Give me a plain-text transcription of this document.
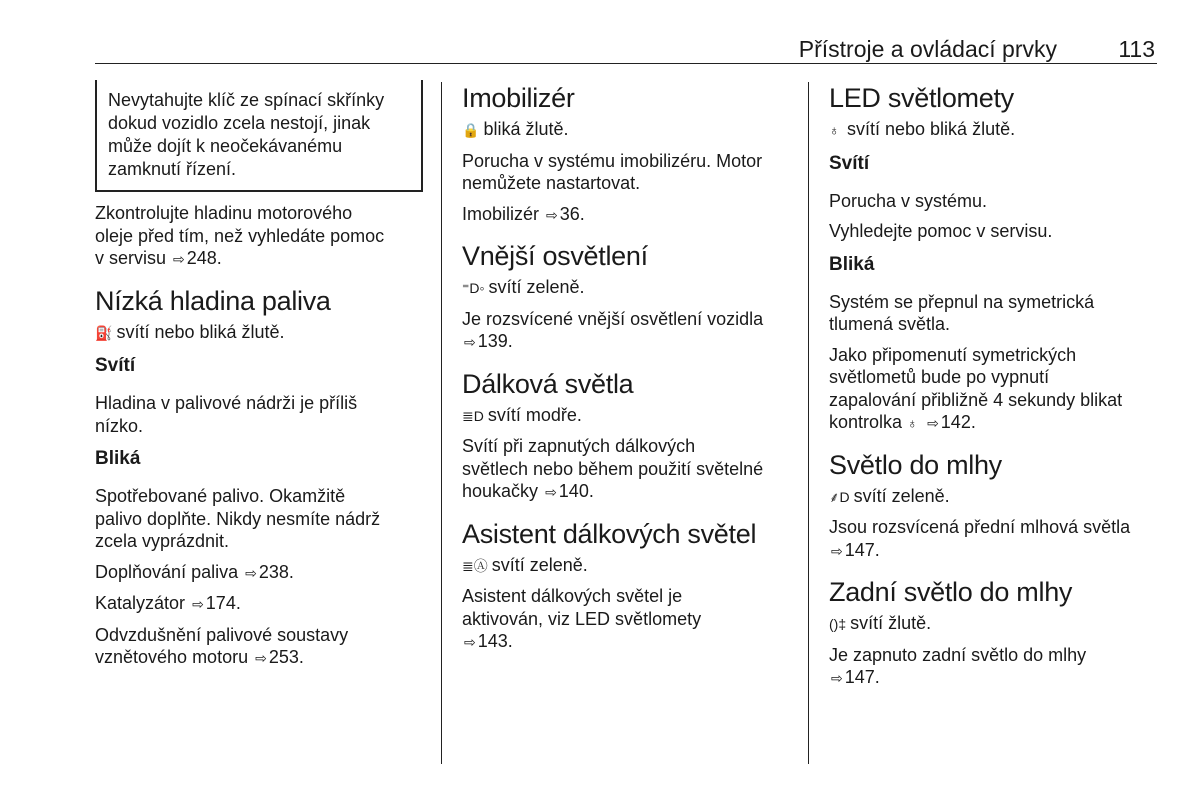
Přístroje a ovládací prvky	113
Nevytahujte klíč ze spínací skřínky
dokud vozidlo zcela nestojí, jinak
může dojít k neočekávanému
zamknutí řízení.

Zkontrolujte hladinu motorového
oleje před tím, než vyhledáte pomoc
v servisu ⇨ 248.

Nízká hladina paliva
⛽ svítí nebo bliká žlutě.
Svítí

Hladina v palivové nádrži je příliš
nízko.

Bliká

Spotřebované palivo. Okamžitě
palivo doplňte. Nikdy nesmíte nádrž
zcela vyprázdnit.

Doplňování paliva ⇨ 238.

Katalyzátor ⇨ 174.

Odvzdušnění palivové soustavy
vznětového motoru ⇨ 253.

Imobilizér
🔒 bliká žlutě.

Porucha v systému imobilizéru. Motor
nemůžete nastartovat.

Imobilizér ⇨ 36.

Vnější osvětlení
⁼D◦ svítí zeleně.

Je rozsvícené vnější osvětlení vozidla
⇨ 139.

Dálková světla
≣D svítí modře.

Svítí při zapnutých dálkových
světlech nebo během použití světelné
houkačky ⇨ 140.

Asistent dálkových světel
≣Ⓐ svítí zeleně.

Asistent dálkových světel je
aktivován, viz LED světlomety
⇨ 143.

LED světlomety
♁ svítí nebo bliká žlutě.
Svítí

Porucha v systému.

Vyhledejte pomoc v servisu.

Bliká

Systém se přepnul na symetrická
tlumená světla.

Jako připomenutí symetrických
světlometů bude po vypnutí
zapalování přibližně 4 sekundy blikat
kontrolka ♁ ⇨ 142.

Světlo do mlhy
⸙D svítí zeleně.

Jsou rozsvícená přední mlhová světla
⇨ 147.

Zadní světlo do mlhy
()‡ svítí žlutě.

Je zapnuto zadní světlo do mlhy
⇨ 147.
